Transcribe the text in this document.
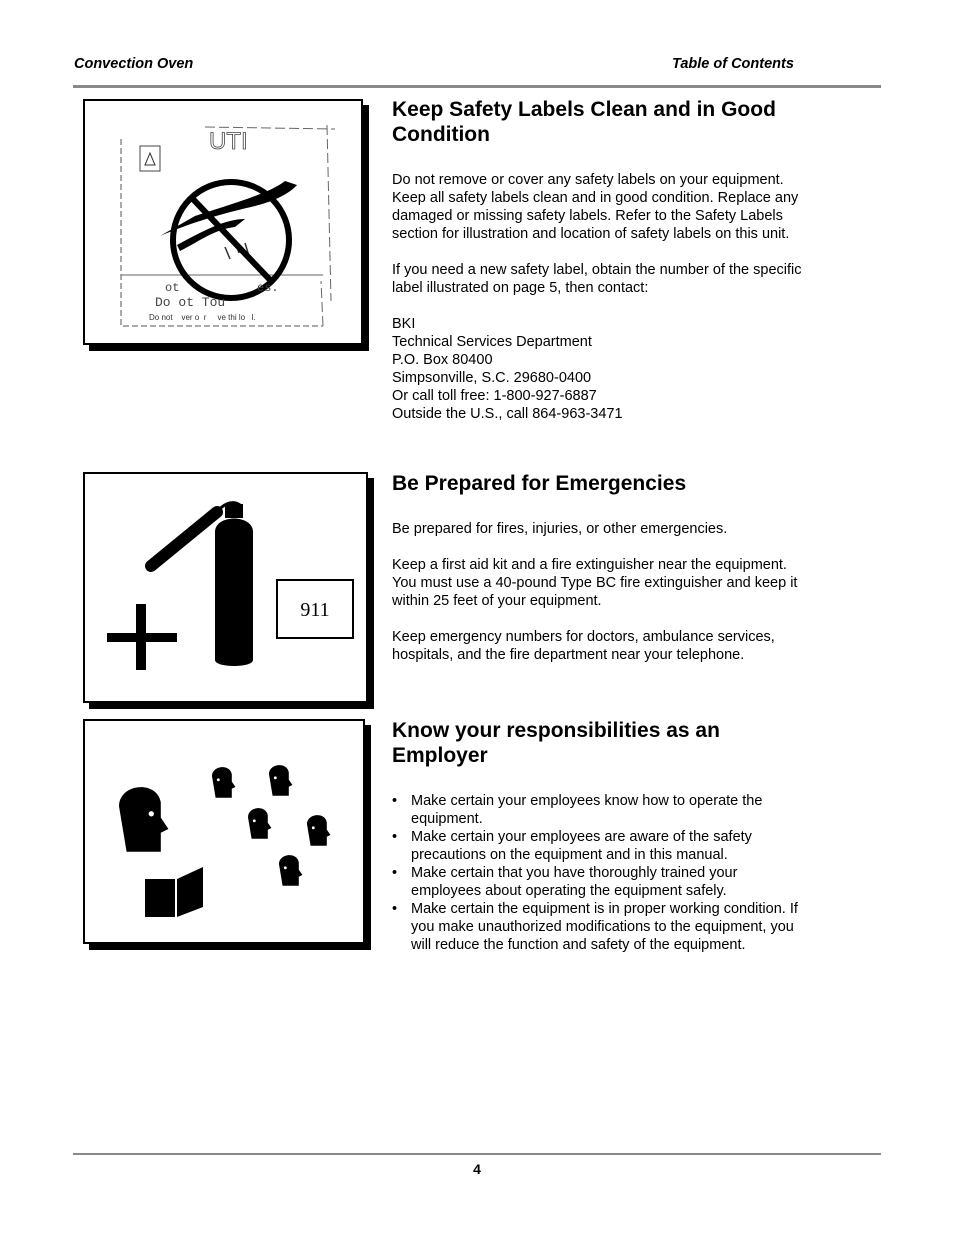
Convection Oven	Table of Contents
UTI
ot	es.
Do ot Tou
Do not    ver o  r     ve thi lo   l.
Keep Safety Labels Clean and in Good Condition

Do not remove or cover any safety labels on your equipment. Keep all safety labels clean and in good condition. Replace any damaged or missing safety labels. Refer to the Safety Labels section for illustration and location of safety labels on this unit.

If you need a new safety label, obtain the number of the specific label illustrated on page 5, then contact:

BKI
Technical Services Department
P.O. Box 80400
Simpsonville, S.C. 29680-0400
Or call toll free: 1-800-927-6887
Outside the U.S., call 864-963-3471
911
Be Prepared for Emergencies

Be prepared for fires, injuries, or other emergencies.

Keep a first aid kit and a fire extinguisher near the equipment. You must use a 40-pound Type BC fire extinguisher and keep it within 25 feet of your equipment.

Keep emergency numbers for doctors, ambulance services, hospitals, and the fire department near your telephone.

Know your responsibilities as an Employer
• Make certain your employees know how to operate the equipment.
• Make certain your employees are aware of the safety precautions on the equipment and in this manual.
• Make certain that you have thoroughly trained your employees about operating the equipment safely.
• Make certain the equipment is in proper working condition. If you make unauthorized modifications to the equipment, you will reduce the function and safety of the equipment.
4
